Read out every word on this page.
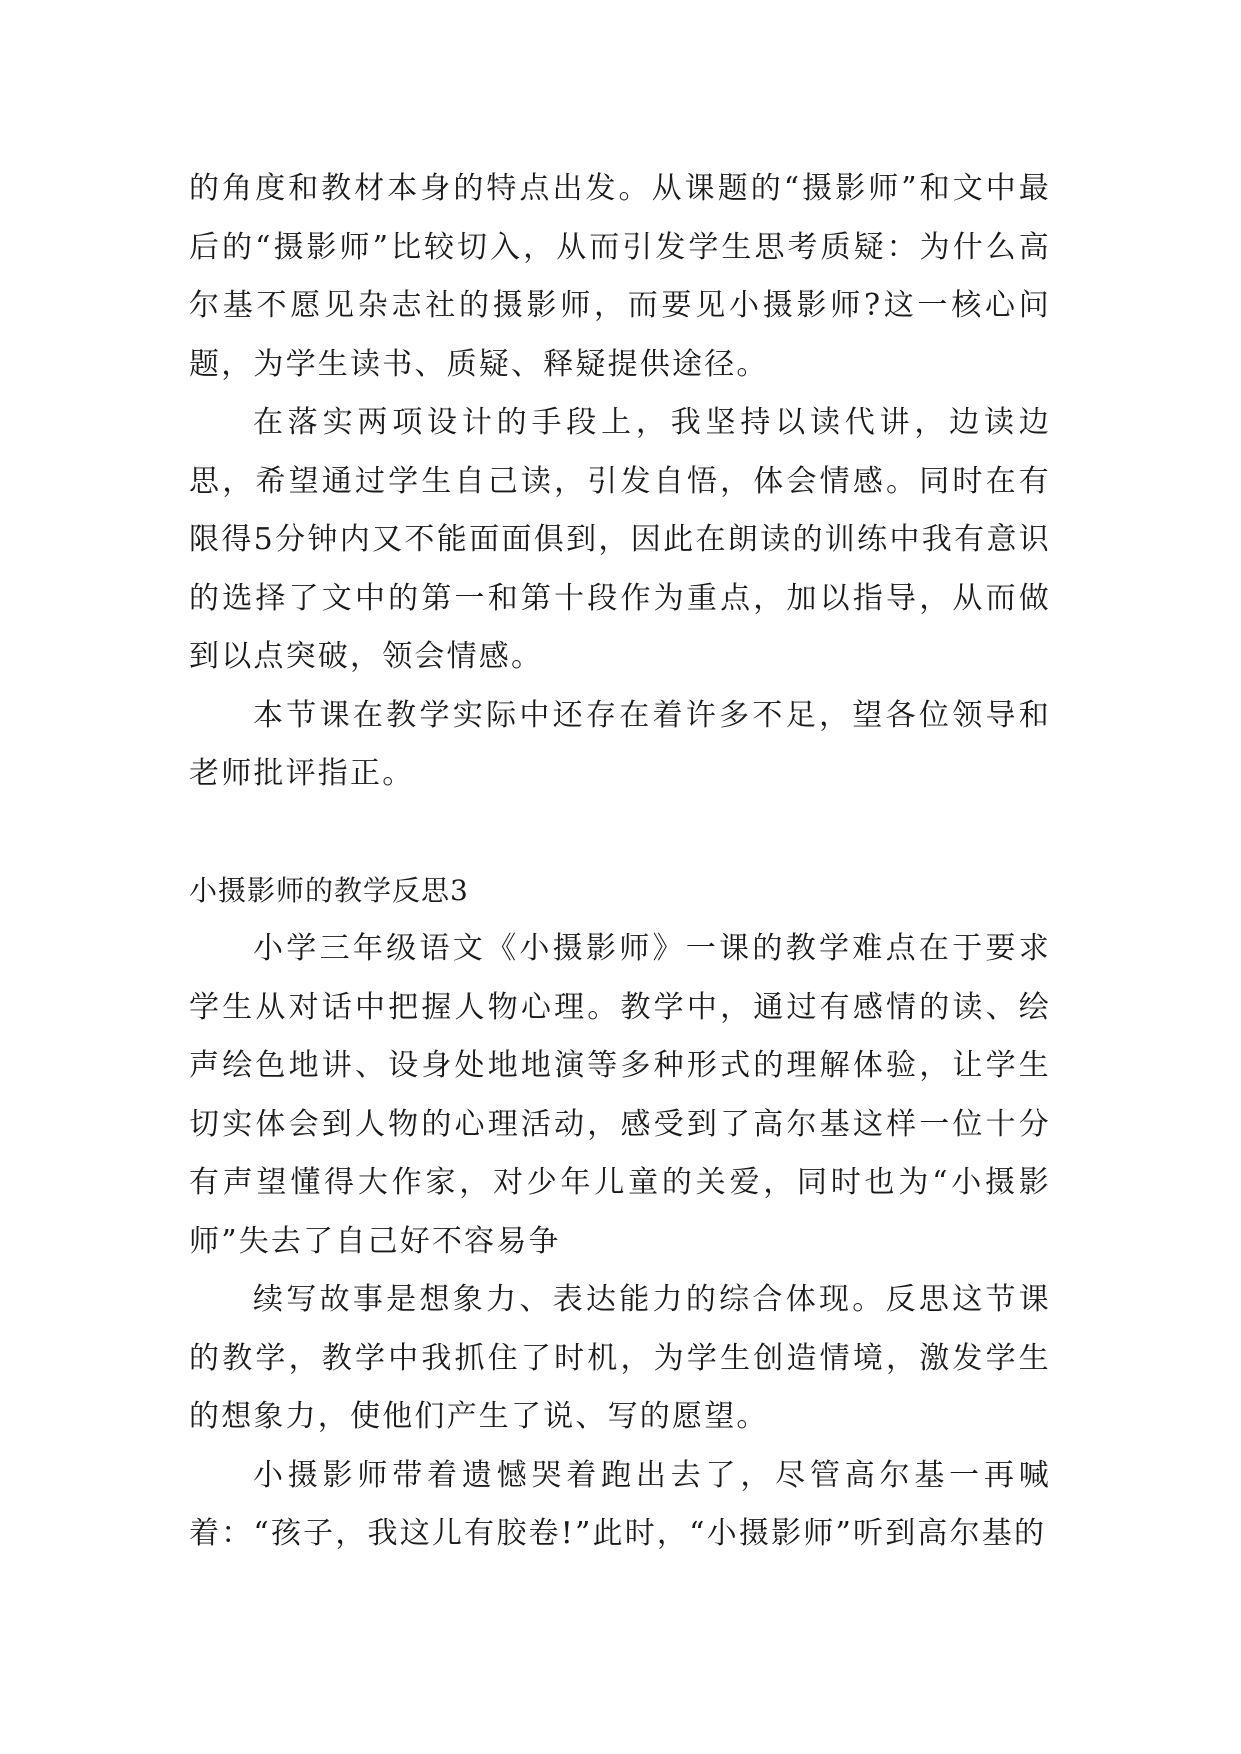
的角度和教材本身的特点出发。从课题的“摄影师”和文中最后的“摄影师”比较切入，从而引发学生思考质疑：为什么高尔基不愿见杂志社的摄影师，而要见小摄影师?这一核心问题，为学生读书、质疑、释疑提供途径。

在落实两项设计的手段上，我坚持以读代讲，边读边思，希望通过学生自己读，引发自悟，体会情感。同时在有限得5分钟内又不能面面俱到，因此在朗读的训练中我有意识的选择了文中的第一和第十段作为重点，加以指导，从而做到以点突破，领会情感。

本节课在教学实际中还存在着许多不足，望各位领导和老师批评指正。

小摄影师的教学反思3

小学三年级语文《小摄影师》一课的教学难点在于要求学生从对话中把握人物心理。教学中，通过有感情的读、绘声绘色地讲、设身处地地演等多种形式的理解体验，让学生切实体会到人物的心理活动，感受到了高尔基这样一位十分有声望懂得大作家，对少年儿童的关爱，同时也为“小摄影师”失去了自己好不容易争

续写故事是想象力、表达能力的综合体现。反思这节课的教学，教学中我抓住了时机，为学生创造情境，激发学生的想象力，使他们产生了说、写的愿望。

小摄影师带着遗憾哭着跑出去了，尽管高尔基一再喊着：“孩子，我这儿有胶卷!”此时，“小摄影师”听到高尔基的
